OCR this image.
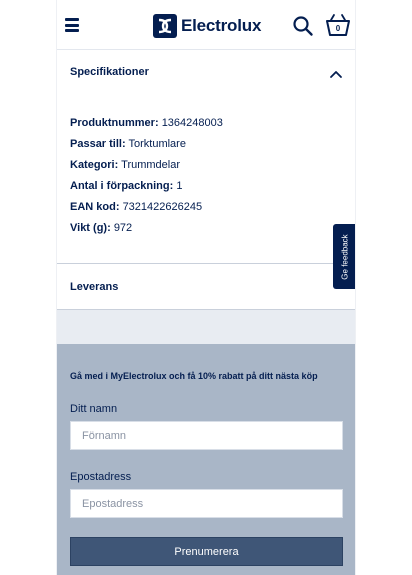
Electrolux	0
Specifikationer
Produktnummer: 1364248003
Passar till: Torktumlare
Kategori: Trummdelar
Antal i förpackning: 1
EAN kod: 7321422626245
Vikt (g): 972
Leverans
Ge feedback
Gå med i MyElectrolux och få 10% rabatt på ditt nästa köp
Ditt namn
Förnamn
Epostadress
Epostadress
Prenumerera
